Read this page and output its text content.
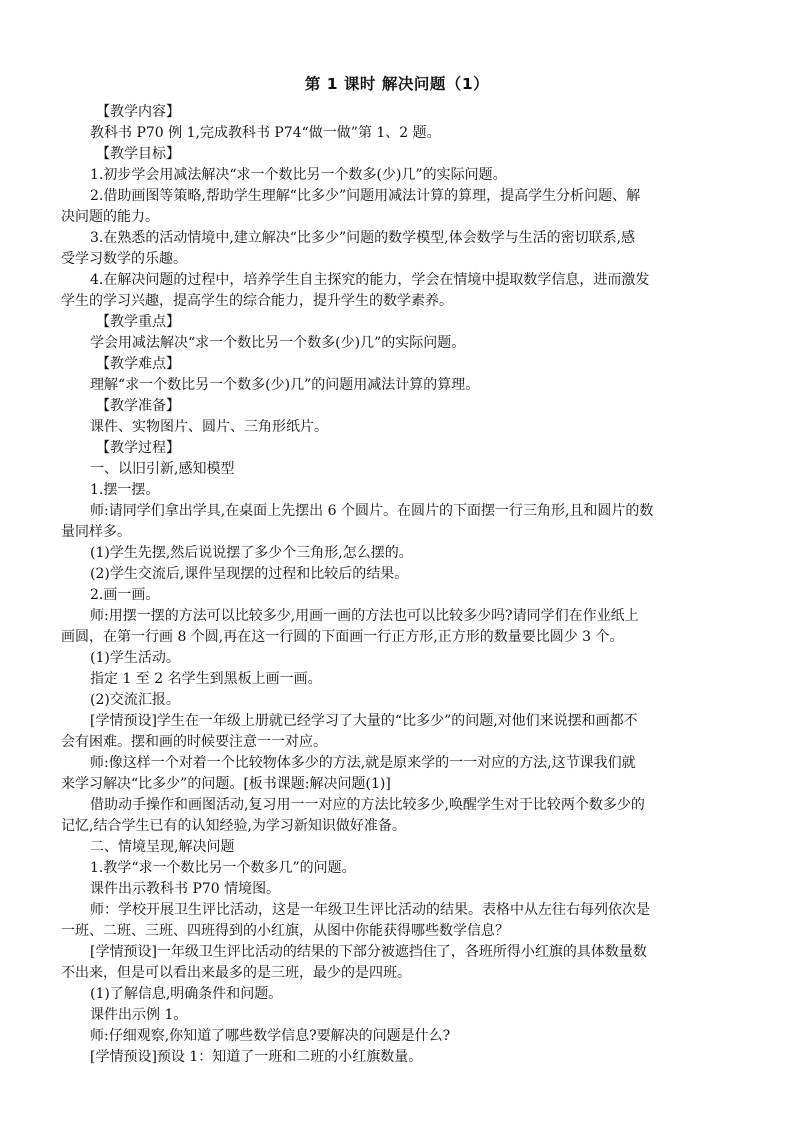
第 1 课时 解决问题（1）

【教学内容】

教科书 P70 例 1,完成教科书 P74“做一做”第 1、2 题。

【教学目标】

1.初步学会用减法解决“求一个数比另一个数多(少)几”的实际问题。

2.借助画图等策略,帮助学生理解“比多少”问题用减法计算的算理，提高学生分析问题、解

决问题的能力。

3.在熟悉的活动情境中,建立解决“比多少”问题的数学模型,体会数学与生活的密切联系,感

受学习数学的乐趣。

4.在解决问题的过程中，培养学生自主探究的能力，学会在情境中提取数学信息，进而激发

学生的学习兴趣，提高学生的综合能力，提升学生的数学素养。

【教学重点】

学会用减法解决“求一个数比另一个数多(少)几”的实际问题。

【教学难点】

理解“求一个数比另一个数多(少)几”的问题用减法计算的算理。

【教学准备】

课件、实物图片、圆片、三角形纸片。

【教学过程】

一、以旧引新,感知模型

1.摆一摆。

师:请同学们拿出学具,在桌面上先摆出 6 个圆片。在圆片的下面摆一行三角形,且和圆片的数

量同样多。

(1)学生先摆,然后说说摆了多少个三角形,怎么摆的。

(2)学生交流后,课件呈现摆的过程和比较后的结果。

2.画一画。

师:用摆一摆的方法可以比较多少,用画一画的方法也可以比较多少吗?请同学们在作业纸上

画圆，在第一行画 8 个圆,再在这一行圆的下面画一行正方形,正方形的数量要比圆少 3 个。

(1)学生活动。

指定 1 至 2 名学生到黑板上画一画。

(2)交流汇报。

[学情预设]学生在一年级上册就已经学习了大量的“比多少”的问题,对他们来说摆和画都不

会有困难。摆和画的时候要注意一一对应。

师:像这样一个对着一个比较物体多少的方法,就是原来学的一一对应的方法,这节课我们就

来学习解决“比多少”的问题。[板书课题:解决问题(1)]

借助动手操作和画图活动,复习用一一对应的方法比较多少,唤醒学生对于比较两个数多少的

记忆,结合学生已有的认知经验,为学习新知识做好准备。

二、情境呈现,解决问题

1.教学“求一个数比另一个数多几”的问题。

课件出示教科书 P70 情境图。

师：学校开展卫生评比活动，这是一年级卫生评比活动的结果。表格中从左往右每列依次是

一班、二班、三班、四班得到的小红旗，从图中你能获得哪些数学信息？

[学情预设]一年级卫生评比活动的结果的下部分被遮挡住了，各班所得小红旗的具体数量数

不出来，但是可以看出来最多的是三班，最少的是四班。

(1)了解信息,明确条件和问题。

课件出示例 1。

师:仔细观察,你知道了哪些数学信息?要解决的问题是什么?

[学情预设]预设 1：知道了一班和二班的小红旗数量。
